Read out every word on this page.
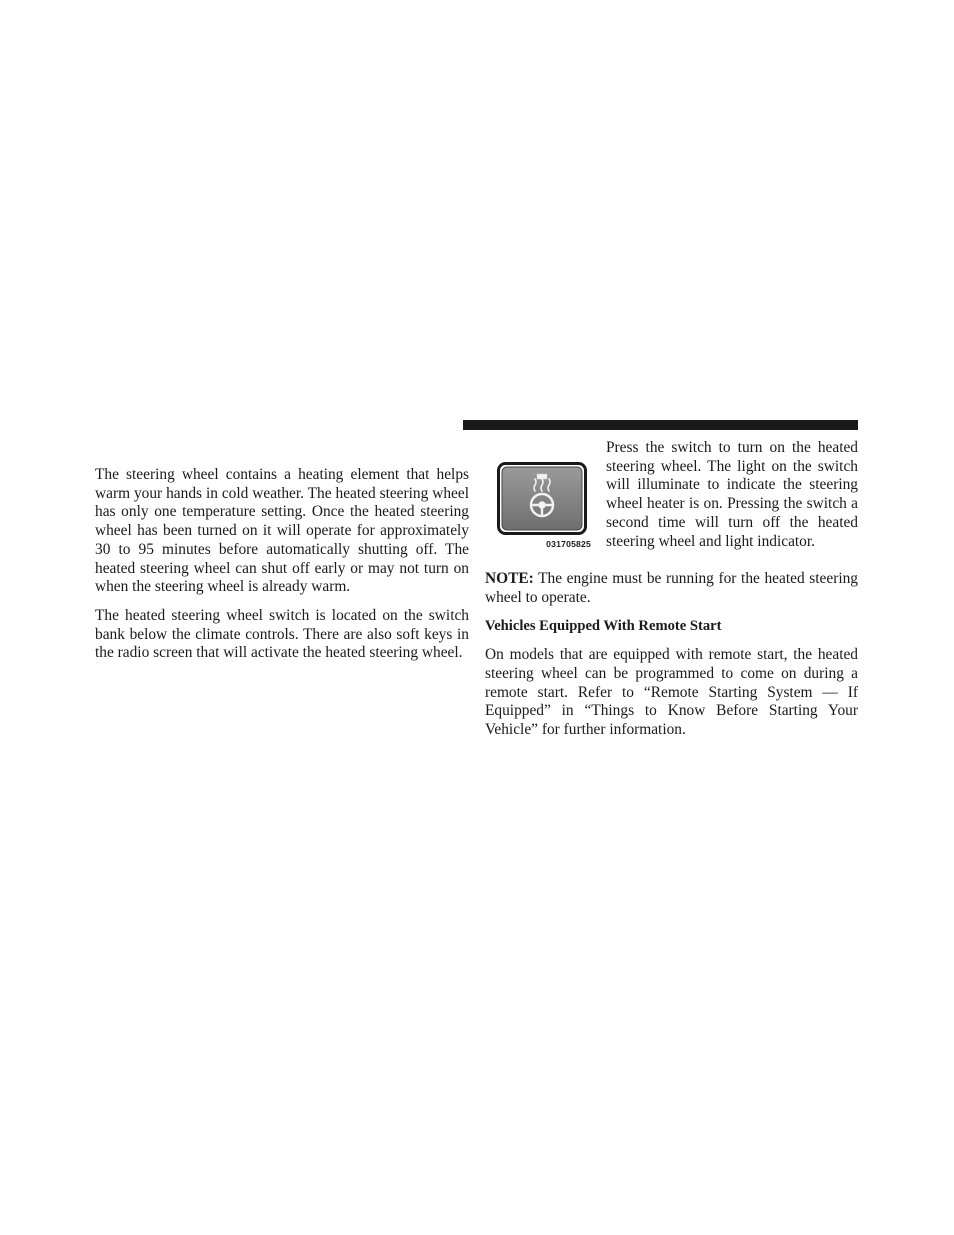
The steering wheel contains a heating element that helps warm your hands in cold weather. The heated steering wheel has only one temperature setting. Once the heated steering wheel has been turned on it will operate for approximately 30 to 95 minutes before automatically shutting off. The heated steering wheel can shut off early or may not turn on when the steering wheel is already warm.

The heated steering wheel switch is located on the switch bank below the climate controls. There are also soft keys in the radio screen that will activate the heated steering wheel.

031705825

Press the switch to turn on the heated steering wheel. The light on the switch will illuminate to indicate the steering wheel heater is on. Pressing the switch a second time will turn off the heated steering wheel and light indicator.

NOTE: The engine must be running for the heated steering wheel to operate.

Vehicles Equipped With Remote Start

On models that are equipped with remote start, the heated steering wheel can be programmed to come on during a remote start. Refer to “Remote Starting System — If Equipped” in “Things to Know Before Starting Your Vehicle” for further information.
